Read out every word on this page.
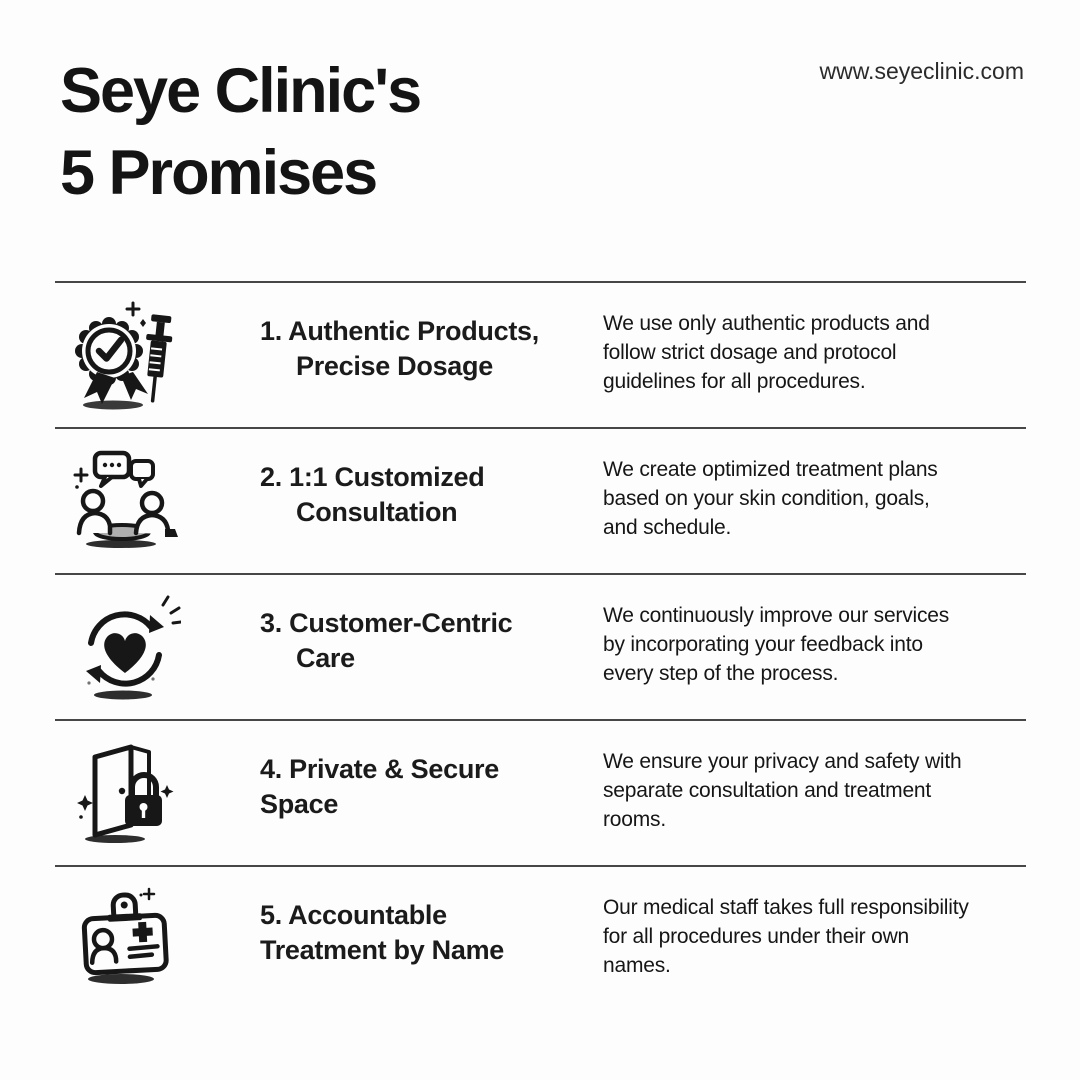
Seye Clinic's
5 Promises
www.seyeclinic.com
1. Authentic Products,
Precise Dosage
We use only authentic products and
follow strict dosage and protocol
guidelines for all procedures.
2. 1:1 Customized
Consultation
We create optimized treatment plans
based on your skin condition, goals,
and schedule.
3. Customer-Centric
Care
We continuously improve our services
by incorporating your feedback into
every step of the process.
4. Private & Secure
Space
We ensure your privacy and safety with
separate consultation and treatment
rooms.
5. Accountable
Treatment by Name
Our medical staff takes full responsibility
for all procedures under their own
names.
